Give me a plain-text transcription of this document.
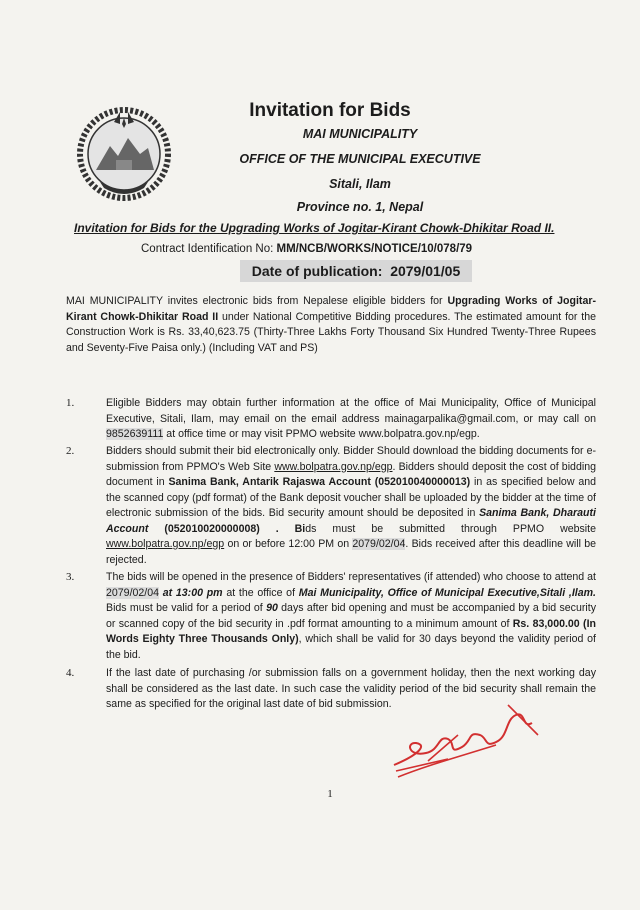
Invitation for Bids
MAI MUNICIPALITY
OFFICE OF THE MUNICIPAL EXECUTIVE
Sitali, Ilam
Province no. 1, Nepal
Invitation for Bids for the Upgrading Works of Jogitar-Kirant Chowk-Dhikitar Road II.
Contract Identification No: MM/NCB/WORKS/NOTICE/10/078/79
Date of publication: 2079/01/05
MAI MUNICIPALITY invites electronic bids from Nepalese eligible bidders for Upgrading Works of Jogitar-Kirant Chowk-Dhikitar Road II under National Competitive Bidding procedures. The estimated amount for the Construction Work is Rs. 33,40,623.75 (Thirty-Three Lakhs Forty Thousand Six Hundred Twenty-Three Rupees and Seventy-Five Paisa only.) (Including VAT and PS)
1.	Eligible Bidders may obtain further information at the office of Mai Municipality, Office of Municipal Executive, Sitali, Ilam, may email on the email address mainagarpalika@gmail.com, or may call on 9852639111 at office time or may visit PPMO website www.bolpatra.gov.np/egp.
2.	Bidders should submit their bid electronically only. Bidder Should download the bidding documents for e-submission from PPMO's Web Site www.bolpatra.gov.np/egp. Bidders should deposit the cost of bidding document in Sanima Bank, Antarik Rajaswa Account (052010040000013) in as specified below and the scanned copy (pdf format) of the Bank deposit voucher shall be uploaded by the bidder at the time of electronic submission of the bids. Bid security amount should be deposited in Sanima Bank, Dharauti Account (052010020000008) . Bids must be submitted through PPMO website www.bolpatra.gov.np/egp on or before 12:00 PM on 2079/02/04. Bids received after this deadline will be rejected.
3.	The bids will be opened in the presence of Bidders' representatives (if attended) who choose to attend at 2079/02/04 at 13:00 pm at the office of Mai Municipality, Office of Municipal Executive,Sitali ,Ilam. Bids must be valid for a period of 90 days after bid opening and must be accompanied by a bid security or scanned copy of the bid security in .pdf format amounting to a minimum amount of Rs. 83,000.00 (In Words Eighty Three Thousands Only), which shall be valid for 30 days beyond the validity period of the bid.
4.	If the last date of purchasing /or submission falls on a government holiday, then the next working day shall be considered as the last date. In such case the validity period of the bid security shall remain the same as specified for the original last date of bid submission.
1
